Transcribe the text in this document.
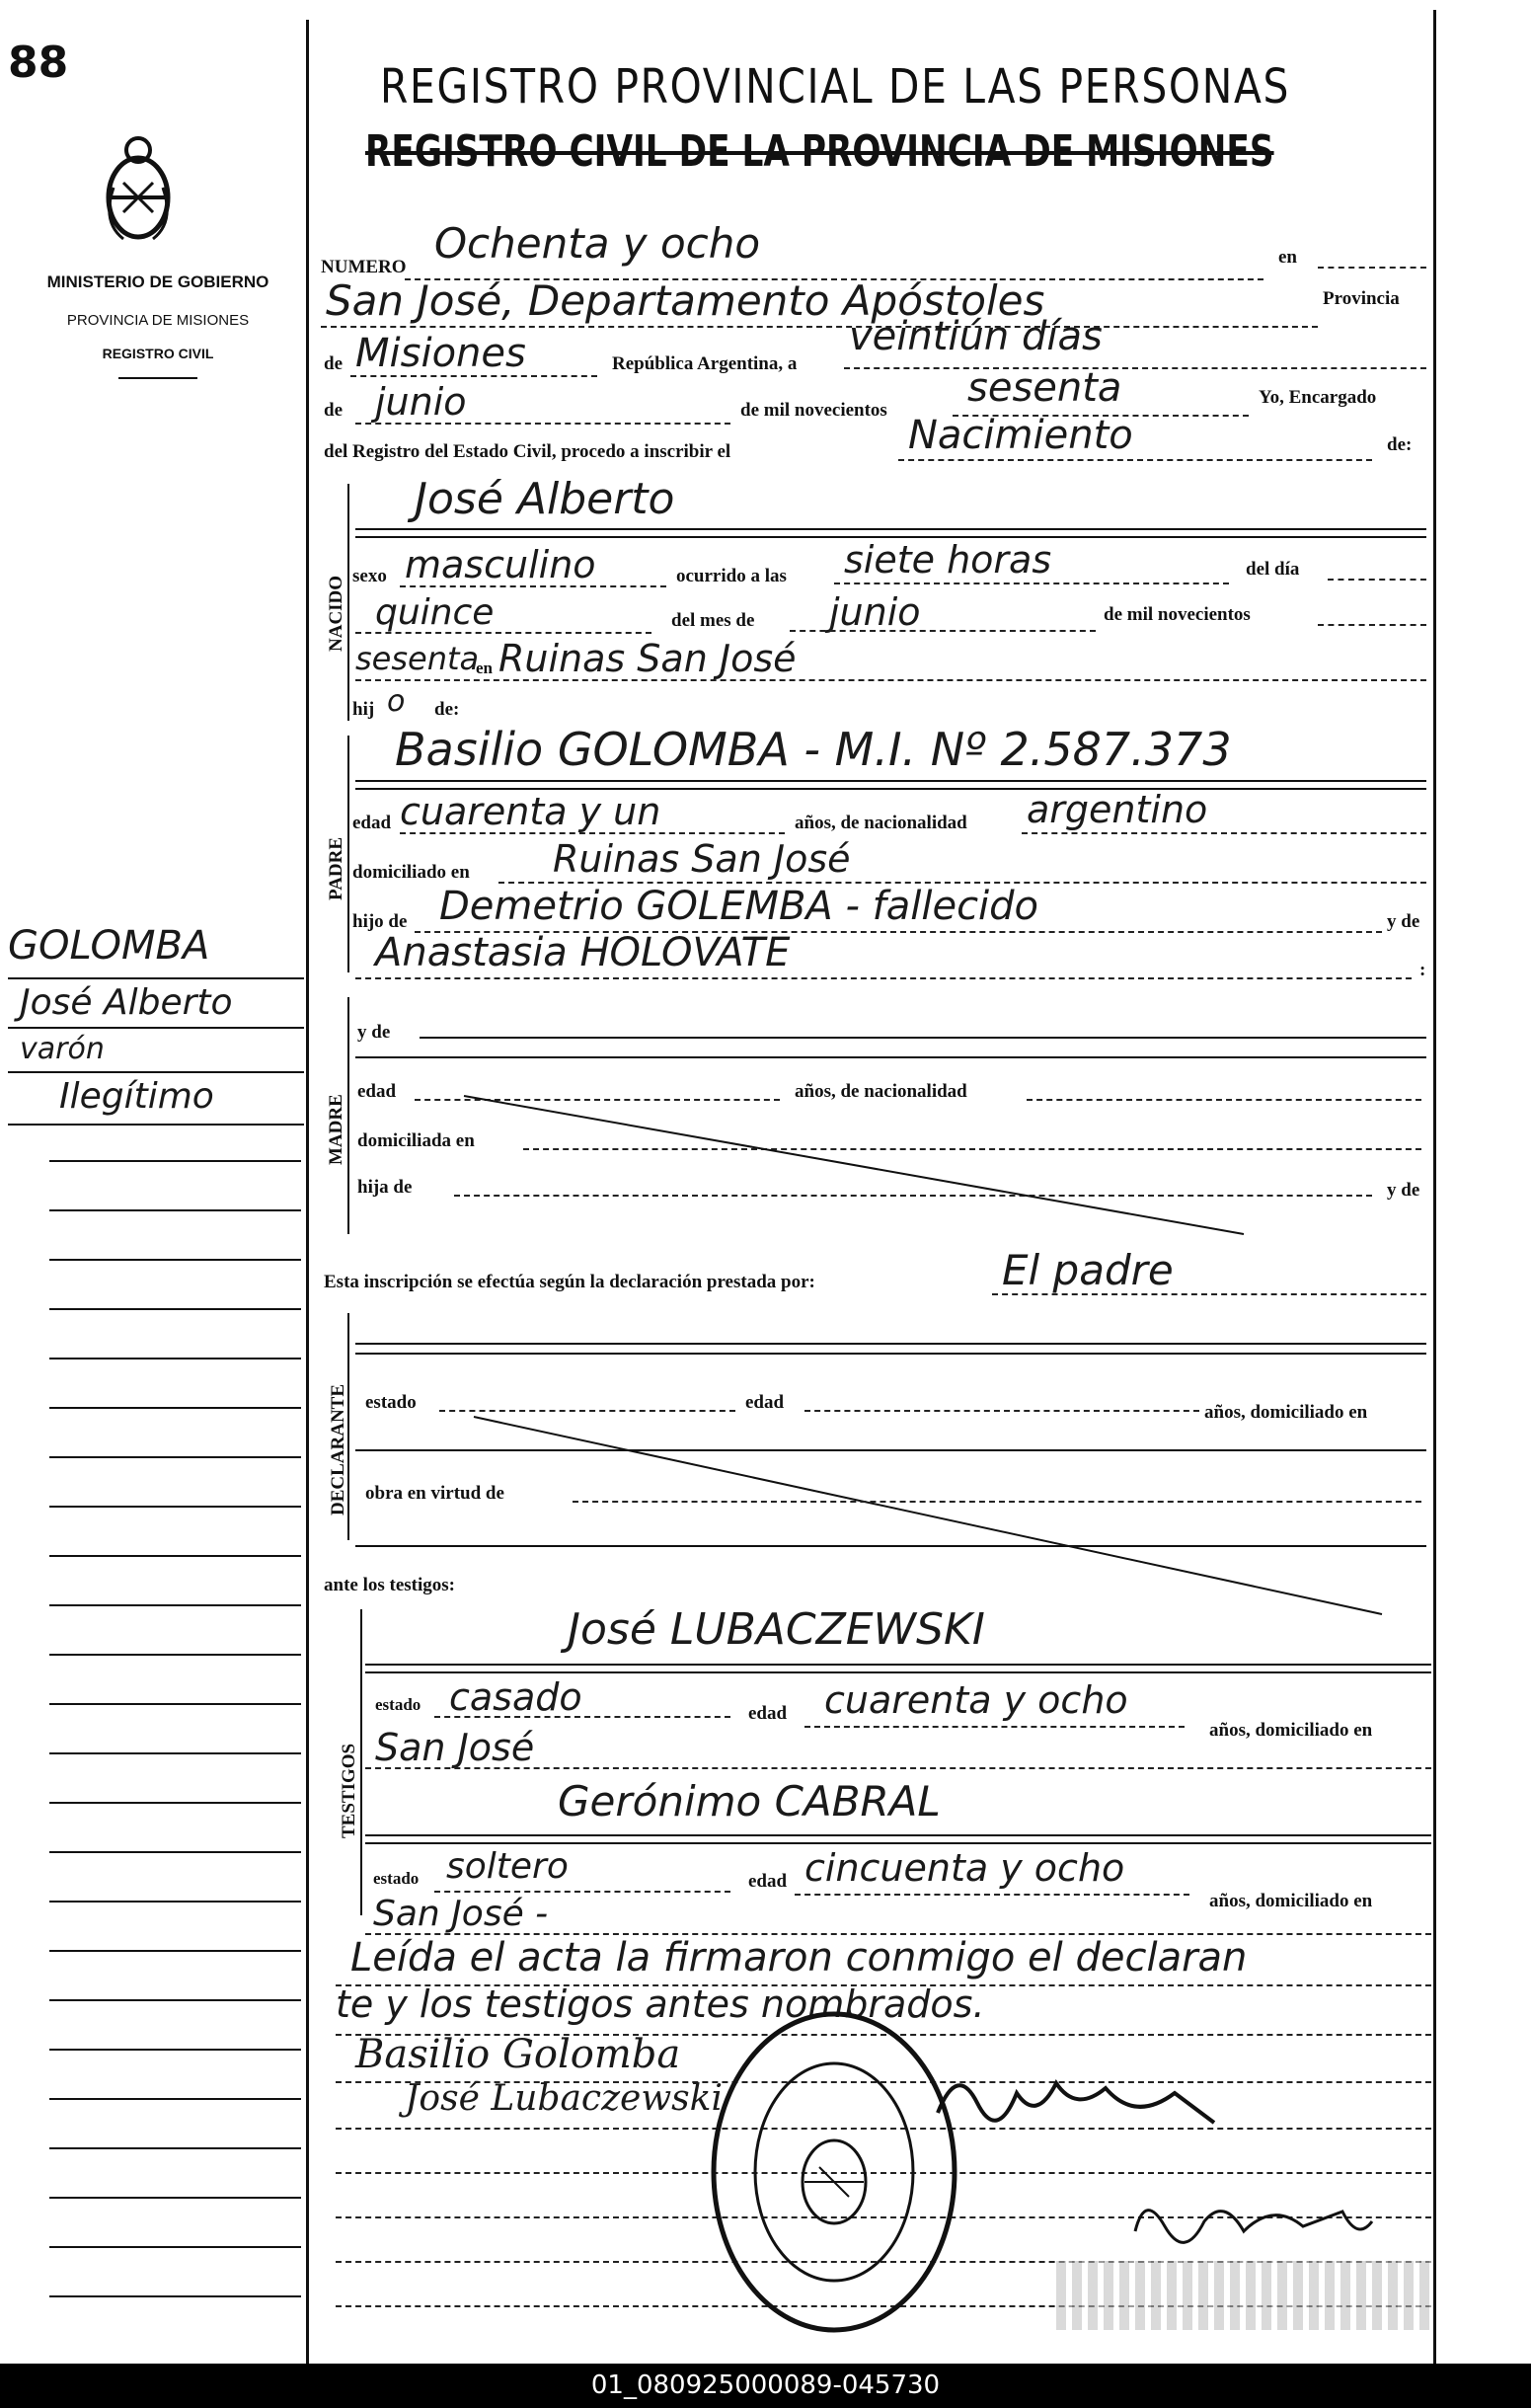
88
MINISTERIO DE GOBIERNO
PROVINCIA DE MISIONES
REGISTRO CIVIL
REGISTRO PROVINCIAL DE LAS PERSONAS
REGISTRO CIVIL DE LA PROVINCIA DE MISIONES
GOLOMBA
José Alberto
varón
Ilegítimo
NUMERO Ochenta y ocho	en
San José, Departamento Apóstoles	Provincia
de Misiones	República Argentina, a
veintiún días
de junio	de mil novecientos sesenta	Yo, Encargado
del Registro del Estado Civil, procedo a inscribir el	Nacimiento	de:
NACIDO
José Alberto
sexo masculino	ocurrido a las siete horas	del día
quince	del mes de junio	de mil novecientos
sesenta
en Ruinas San José
hij o de:
PADRE
Basilio GOLOMBA - M.I. Nº 2.587.373
edad cuarenta y un	años, de nacionalidad argentino
domiciliado en Ruinas San José
hijo de Demetrio GOLEMBA - fallecido	y de
Anastasia HOLOVATE	:
MADRE
y de
edad	años, de nacionalidad
domiciliada en
hija de	y de
Esta inscripción se efectúa según la declaración prestada por:	El padre
DECLARANTE estado	edad	años, domiciliado en
obra en virtud de
ante los testigos:
TESTIGOS
José LUBACZEWSKI
estado casado	edad cuarenta y ocho
años, domiciliado en
San José
Gerónimo CABRAL
estado soltero	edad cincuenta y ocho
años, domiciliado en
San José -
Leída el acta la firmaron conmigo el declaran
te y los testigos antes nombrados.
Basilio Golomba
José Lubaczewski
01_080925000089-045730
